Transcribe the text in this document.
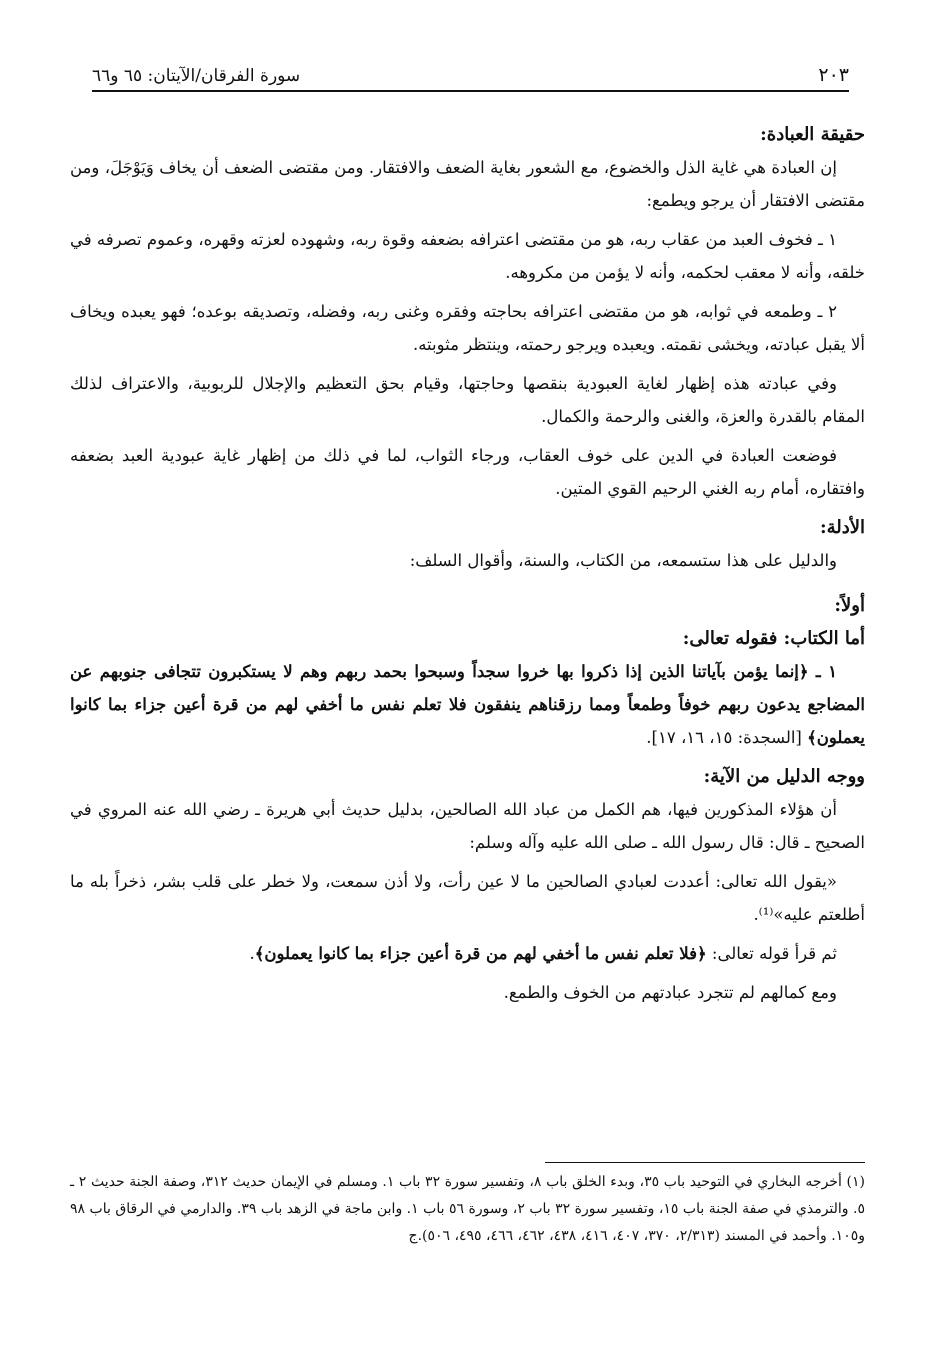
سورة الفرقان/الآيتان: ٦٥ و٦٦	٢٠٣

حقيقة العبادة:

إن العبادة هي غاية الذل والخضوع، مع الشعور بغاية الضعف والافتقار. ومن مقتضى الضعف أن يخاف وَيَوْجَلَ، ومن مقتضى الافتقار أن يرجو ويطمع:

١ ـ فخوف العبد من عقاب ربه، هو من مقتضى اعترافه بضعفه وقوة ربه، وشهوده لعزته وقهره، وعموم تصرفه في خلقه، وأنه لا معقب لحكمه، وأنه لا يؤمن من مكروهه.

٢ ـ وطمعه في ثوابه، هو من مقتضى اعترافه بحاجته وفقره وغنى ربه، وفضله، وتصديقه بوعده؛ فهو يعبده ويخاف ألا يقبل عبادته، ويخشى نقمته. ويعبده ويرجو رحمته، وينتظر مثوبته.

وفي عبادته هذه إظهار لغاية العبودية بنقصها وحاجتها، وقيام بحق التعظيم والإجلال للربوبية، والاعتراف لذلك المقام بالقدرة والعزة، والغنى والرحمة والكمال.

فوضعت العبادة في الدين على خوف العقاب، ورجاء الثواب، لما في ذلك من إظهار غاية عبودية العبد بضعفه وافتقاره، أمام ربه الغني الرحيم القوي المتين.

الأدلة:

والدليل على هذا ستسمعه، من الكتاب، والسنة، وأقوال السلف:

أولاً:

أما الكتاب: فقوله تعالى:

١ ـ ﴿إنما يؤمن بآياتنا الذين إذا ذكروا بها خروا سجداً وسبحوا بحمد ربهم وهم لا يستكبرون تتجافى جنوبهم عن المضاجع يدعون ربهم خوفاً وطمعاً ومما رزقناهم ينفقون فلا تعلم نفس ما أخفي لهم من قرة أعين جزاء بما كانوا يعملون﴾ [السجدة: ١٥، ١٦، ١٧].

ووجه الدليل من الآية:

أن هؤلاء المذكورين فيها، هم الكمل من عباد الله الصالحين، بدليل حديث أبي هريرة ـ رضي الله عنه المروي في الصحيح ـ قال: قال رسول الله ـ صلى الله عليه وآله وسلم:

«يقول الله تعالى: أعددت لعبادي الصالحين ما لا عين رأت، ولا أذن سمعت، ولا خطر على قلب بشر، ذخراً بله ما أطلعتم عليه»⁽¹⁾.

ثم قرأ قوله تعالى: ﴿فلا تعلم نفس ما أخفي لهم من قرة أعين جزاء بما كانوا يعملون﴾.

ومع كمالهم لم تتجرد عبادتهم من الخوف والطمع.

(١) أخرجه البخاري في التوحيد باب ٣٥، وبدء الخلق باب ٨، وتفسير سورة ٣٢ باب ١. ومسلم في الإيمان حديث ٣١٢، وصفة الجنة حديث ٢ ـ ٥. والترمذي في صفة الجنة باب ١٥، وتفسير سورة ٣٢ باب ٢، وسورة ٥٦ باب ١. وابن ماجة في الزهد باب ٣٩. والدارمي في الرقاق باب ٩٨ و١٠٥. وأحمد في المسند (٢/٣١٣، ٣٧٠، ٤٠٧، ٤١٦، ٤٣٨، ٤٦٢، ٤٦٦، ٤٩٥، ٥٠٦).ج
